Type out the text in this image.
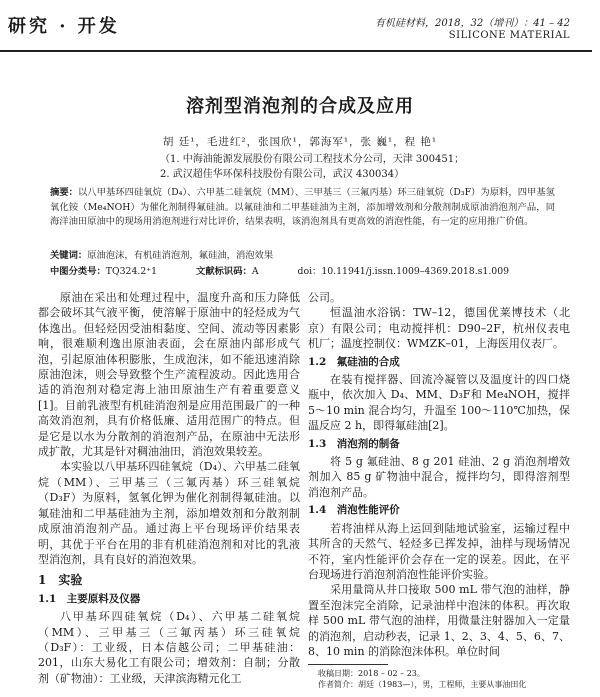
研究 · 开发	有机硅材料，2018，32（增刊）：41 – 42
SILICONE MATERIAL
溶剂型消泡剂的合成及应用
胡 廷¹，毛进红²，张国欣¹，郭海军¹，张 巍¹，程 艳¹
（1. 中海油能源发展股份有限公司工程技术分公司，天津 300451；
2. 武汉超佳华环保科技股份有限公司，武汉 430034）
摘要：以八甲基环四硅氧烷（D₄）、六甲基二硅氧烷（MM）、三甲基三（三氟丙基）环三硅氧烷（D₃F）为原料，四甲基氢氧化铵（Me₄NOH）为催化剂制得氟硅油。以氟硅油和二甲基硅油为主剂，添加增效剂和分散剂制成原油消泡剂产品，同海洋油田原油中的现场用消泡剂进行对比评价，结果表明，该消泡剂具有更高效的消泡性能，有一定的应用推广价值。
关键词：原油泡沫，有机硅消泡剂，氟硅油，消泡效果
中图分类号：TQ324.2⁺1	文献标识码：A	doi：10.11941/j.issn.1009–4369.2018.s1.009

原油在采出和处理过程中，温度升高和压力降低都会破坏其气液平衡，使溶解于原油中的轻烃成为气体逸出。但轻烃因受油相黏度、空间、流动等因素影响，很难顺利逸出原油表面，会在原油内部形成气泡，引起原油体积膨胀，生成泡沫，如不能迅速消除原油泡沫，则会导致整个生产流程波动。因此选用合适的消泡剂对稳定海上油田原油生产有着重要意义[1]。目前乳液型有机硅消泡剂是应用范围最广的一种高效消泡剂，具有价格低廉、适用范围广的特点。但是它是以水为分散剂的消泡剂产品，在原油中无法形成扩散，尤其是针对稠油油田，消泡效果较差。

本实验以八甲基环四硅氧烷（D₄）、六甲基二硅氧烷（MM）、三甲基三（三氟丙基）环三硅氧烷（D₃F）为原料，氢氧化钾为催化剂制得氟硅油。以氟硅油和二甲基硅油为主剂，添加增效剂和分散剂制成原油消泡剂产品。通过海上平台现场评价结果表明，其优于平台在用的非有机硅消泡剂和对比的乳液型消泡剂，具有良好的消泡效果。

1　实验
1.1　主要原料及仪器

八甲基环四硅氧烷（D₄）、六甲基二硅氧烷（MM）、三甲基三（三氟丙基）环三硅氧烷（D₃F）：工业级，日本信越公司；二甲基硅油：201，山东大易化工有限公司；增效剂：自制；分散剂（矿物油）：工业级，天津滨海精元化工

公司。

恒温油水浴锅：TW–12，德国优莱博技术（北京）有限公司；电动搅拌机：D90–2F，杭州仪表电机厂；温度控制仪：WMZK–01，上海医用仪表厂。

1.2　氟硅油的合成

在装有搅拌器、回流冷凝管以及温度计的四口烧瓶中，依次加入 D₄、MM、D₃F和 Me₄NOH，搅拌 5～10 min 混合均匀，升温至 100～110℃加热，保温反应 2 h，即得氟硅油[2]。

1.3　消泡剂的制备

将 5 g 氟硅油、8 g 201 硅油、2 g 消泡剂增效剂加入 85 g 矿物油中混合，搅拌均匀，即得溶剂型消泡剂产品。

1.4　消泡性能评价

若将油样从海上运回到陆地试验室，运输过程中其所含的天然气、轻烃多已挥发掉，油样与现场情况不符，室内性能评价会存在一定的误差。因此，在平台现场进行消泡剂消泡性能评价实验。

采用量筒从井口接取 500 mL 带气泡的油样，静置至泡沫完全消除，记录油样中泡沫的体积。再次取样 500 mL 带气泡的油样，用微量注射器加入一定量的消泡剂，启动秒表，记录 1、2、3、4、5、6、7、8、10 min 的消除泡沫体积。单位时间

收稿日期：2018 – 02 – 23。

作者简介：胡廷（1983—），男，工程师，主要从事油田化
